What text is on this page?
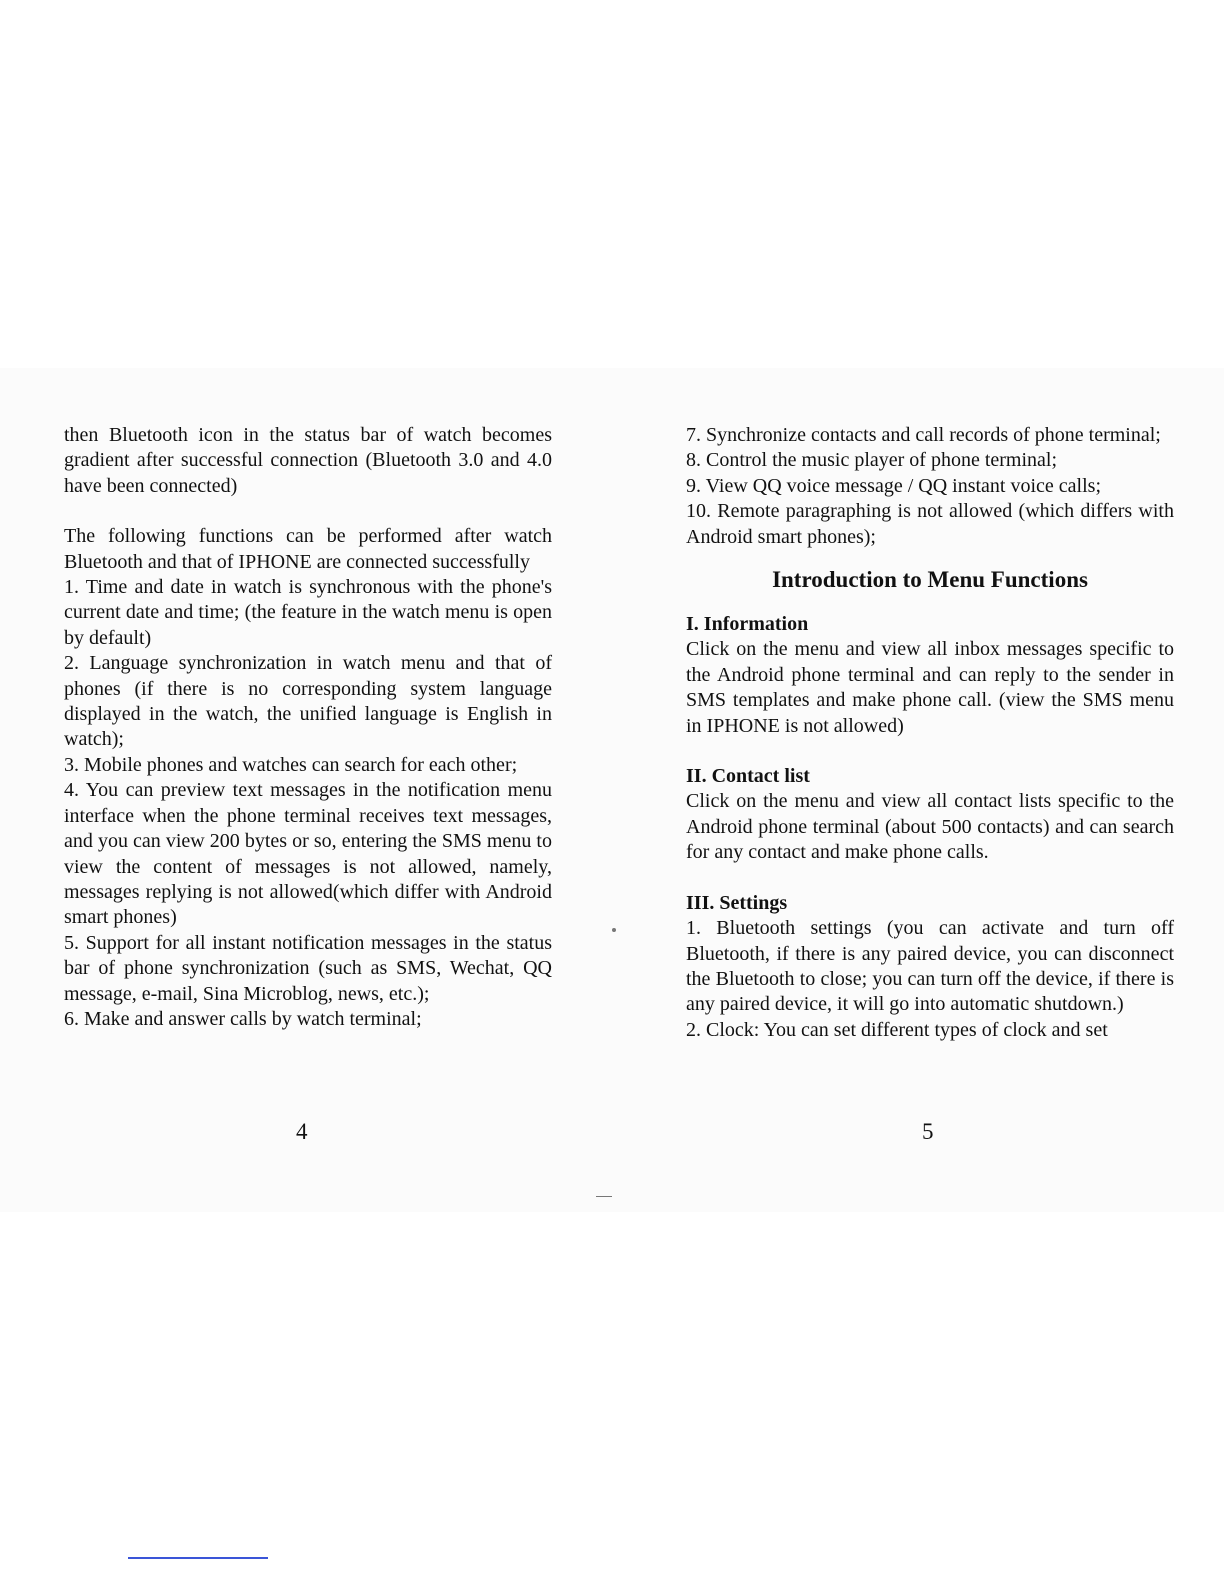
then Bluetooth icon in the status bar of watch becomes gradient after successful connection (Bluetooth 3.0 and 4.0 have been connected)

The following functions can be performed after watch Bluetooth and that of IPHONE are connected successfully

1. Time and date in watch is synchronous with the phone's current date and time; (the feature in the watch menu is open by default)

2. Language synchronization in watch menu and that of phones (if there is no corresponding system language displayed in the watch, the unified language is English in watch);

3. Mobile phones and watches can search for each other;

4. You can preview text messages in the notification menu interface when the phone terminal receives text messages, and you can view 200 bytes or so, entering the SMS menu to view the content of messages is not allowed, namely, messages replying is not allowed(which differ with Android smart phones)

5. Support for all instant notification messages in the status bar of phone synchronization (such as SMS, Wechat, QQ message, e-mail, Sina Microblog, news, etc.);

6. Make and answer calls by watch terminal;

4

7. Synchronize contacts and call records of phone terminal;

8. Control the music player of phone terminal;

9. View QQ voice message / QQ instant voice calls;

10. Remote paragraphing is not allowed (which differs with Android smart phones);

Introduction to Menu Functions

I. Information

Click on the menu and view all inbox messages specific to the Android phone terminal and can reply to the sender in SMS templates and make phone call. (view the SMS menu in IPHONE is not allowed)

II. Contact list

Click on the menu and view all contact lists specific to the Android phone terminal (about 500 contacts) and can search for any contact and make phone calls.

III. Settings

1. Bluetooth settings (you can activate and turn off Bluetooth, if there is any paired device, you can disconnect the Bluetooth to close; you can turn off the device, if there is any paired device, it will go into automatic shutdown.)

2. Clock: You can set different types of clock and set

5
